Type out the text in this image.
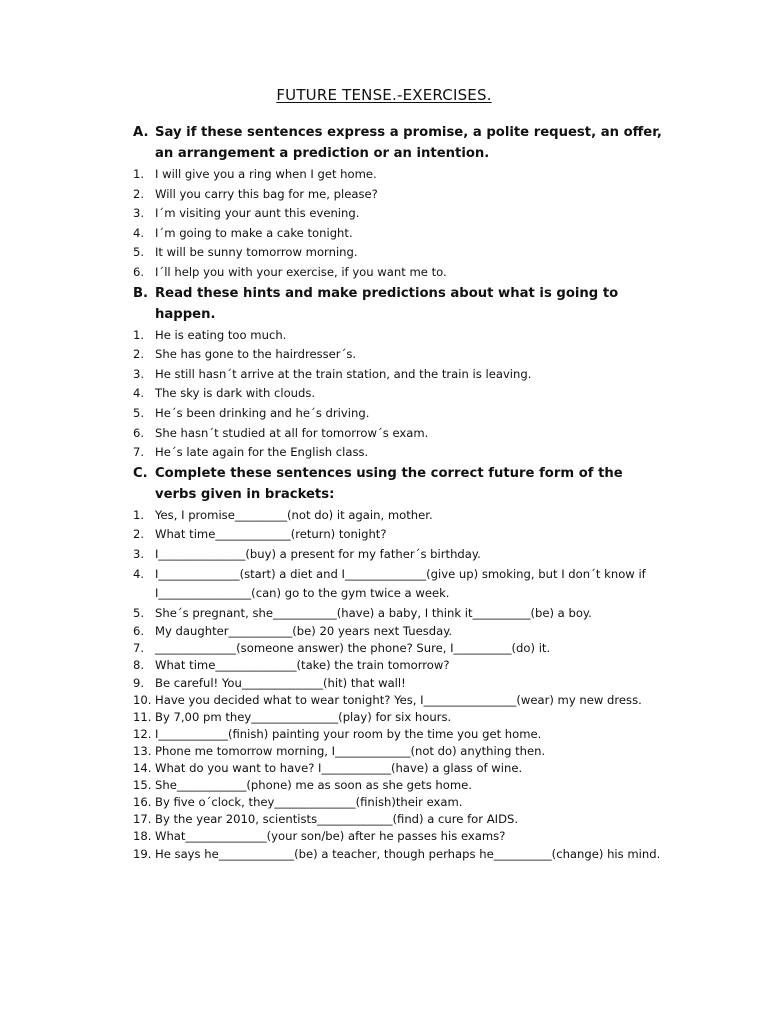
FUTURE TENSE.-EXERCISES.
A. Say if these sentences express a promise, a polite request, an offer, an arrangement a prediction or an intention.
1. I will give you a ring when I get home.
2. Will you carry this bag for me, please?
3. I´m visiting your aunt this evening.
4. I´m going to make a cake tonight.
5. It will be sunny tomorrow morning.
6. I´ll help you with your exercise, if you want me to.
B. Read these hints and make predictions about what is going to happen.
1. He is eating too much.
2. She has gone to the hairdresser´s.
3. He still hasn´t arrive at the train station, and the train is leaving.
4. The sky is dark with clouds.
5. He´s been drinking and he´s driving.
6. She hasn´t studied at all for tomorrow´s exam.
7. He´s late again for the English class.
C. Complete these sentences using the correct future form of the verbs given in brackets:
1. Yes, I promise_________(not do) it again, mother.
2. What time_____________(return) tonight?
3. I_______________(buy) a present for my father´s birthday.
4. I______________(start) a diet and I______________(give up) smoking, but I don´t know if I________________(can) go to the gym twice a week.
5. She´s pregnant, she___________(have) a baby, I think it__________(be) a boy.
6. My daughter___________(be) 20 years next Tuesday.
7. ______________(someone answer) the phone? Sure, I__________(do) it.
8. What time______________(take) the train tomorrow?
9. Be careful! You______________(hit) that wall!
10. Have you decided what to wear tonight? Yes, I________________(wear) my new dress.
11. By 7,00 pm they_______________(play) for six hours.
12. I____________(finish) painting your room by the time you get home.
13. Phone me tomorrow morning, I_____________(not do) anything then.
14. What do you want to have? I____________(have) a glass of wine.
15. She____________(phone) me as soon as she gets home.
16. By five o´clock, they______________(finish)their exam.
17. By the year 2010, scientists_____________(find) a cure for AIDS.
18. What______________(your son/be) after he passes his exams?
19. He says he_____________(be) a teacher, though perhaps he__________(change) his mind.
